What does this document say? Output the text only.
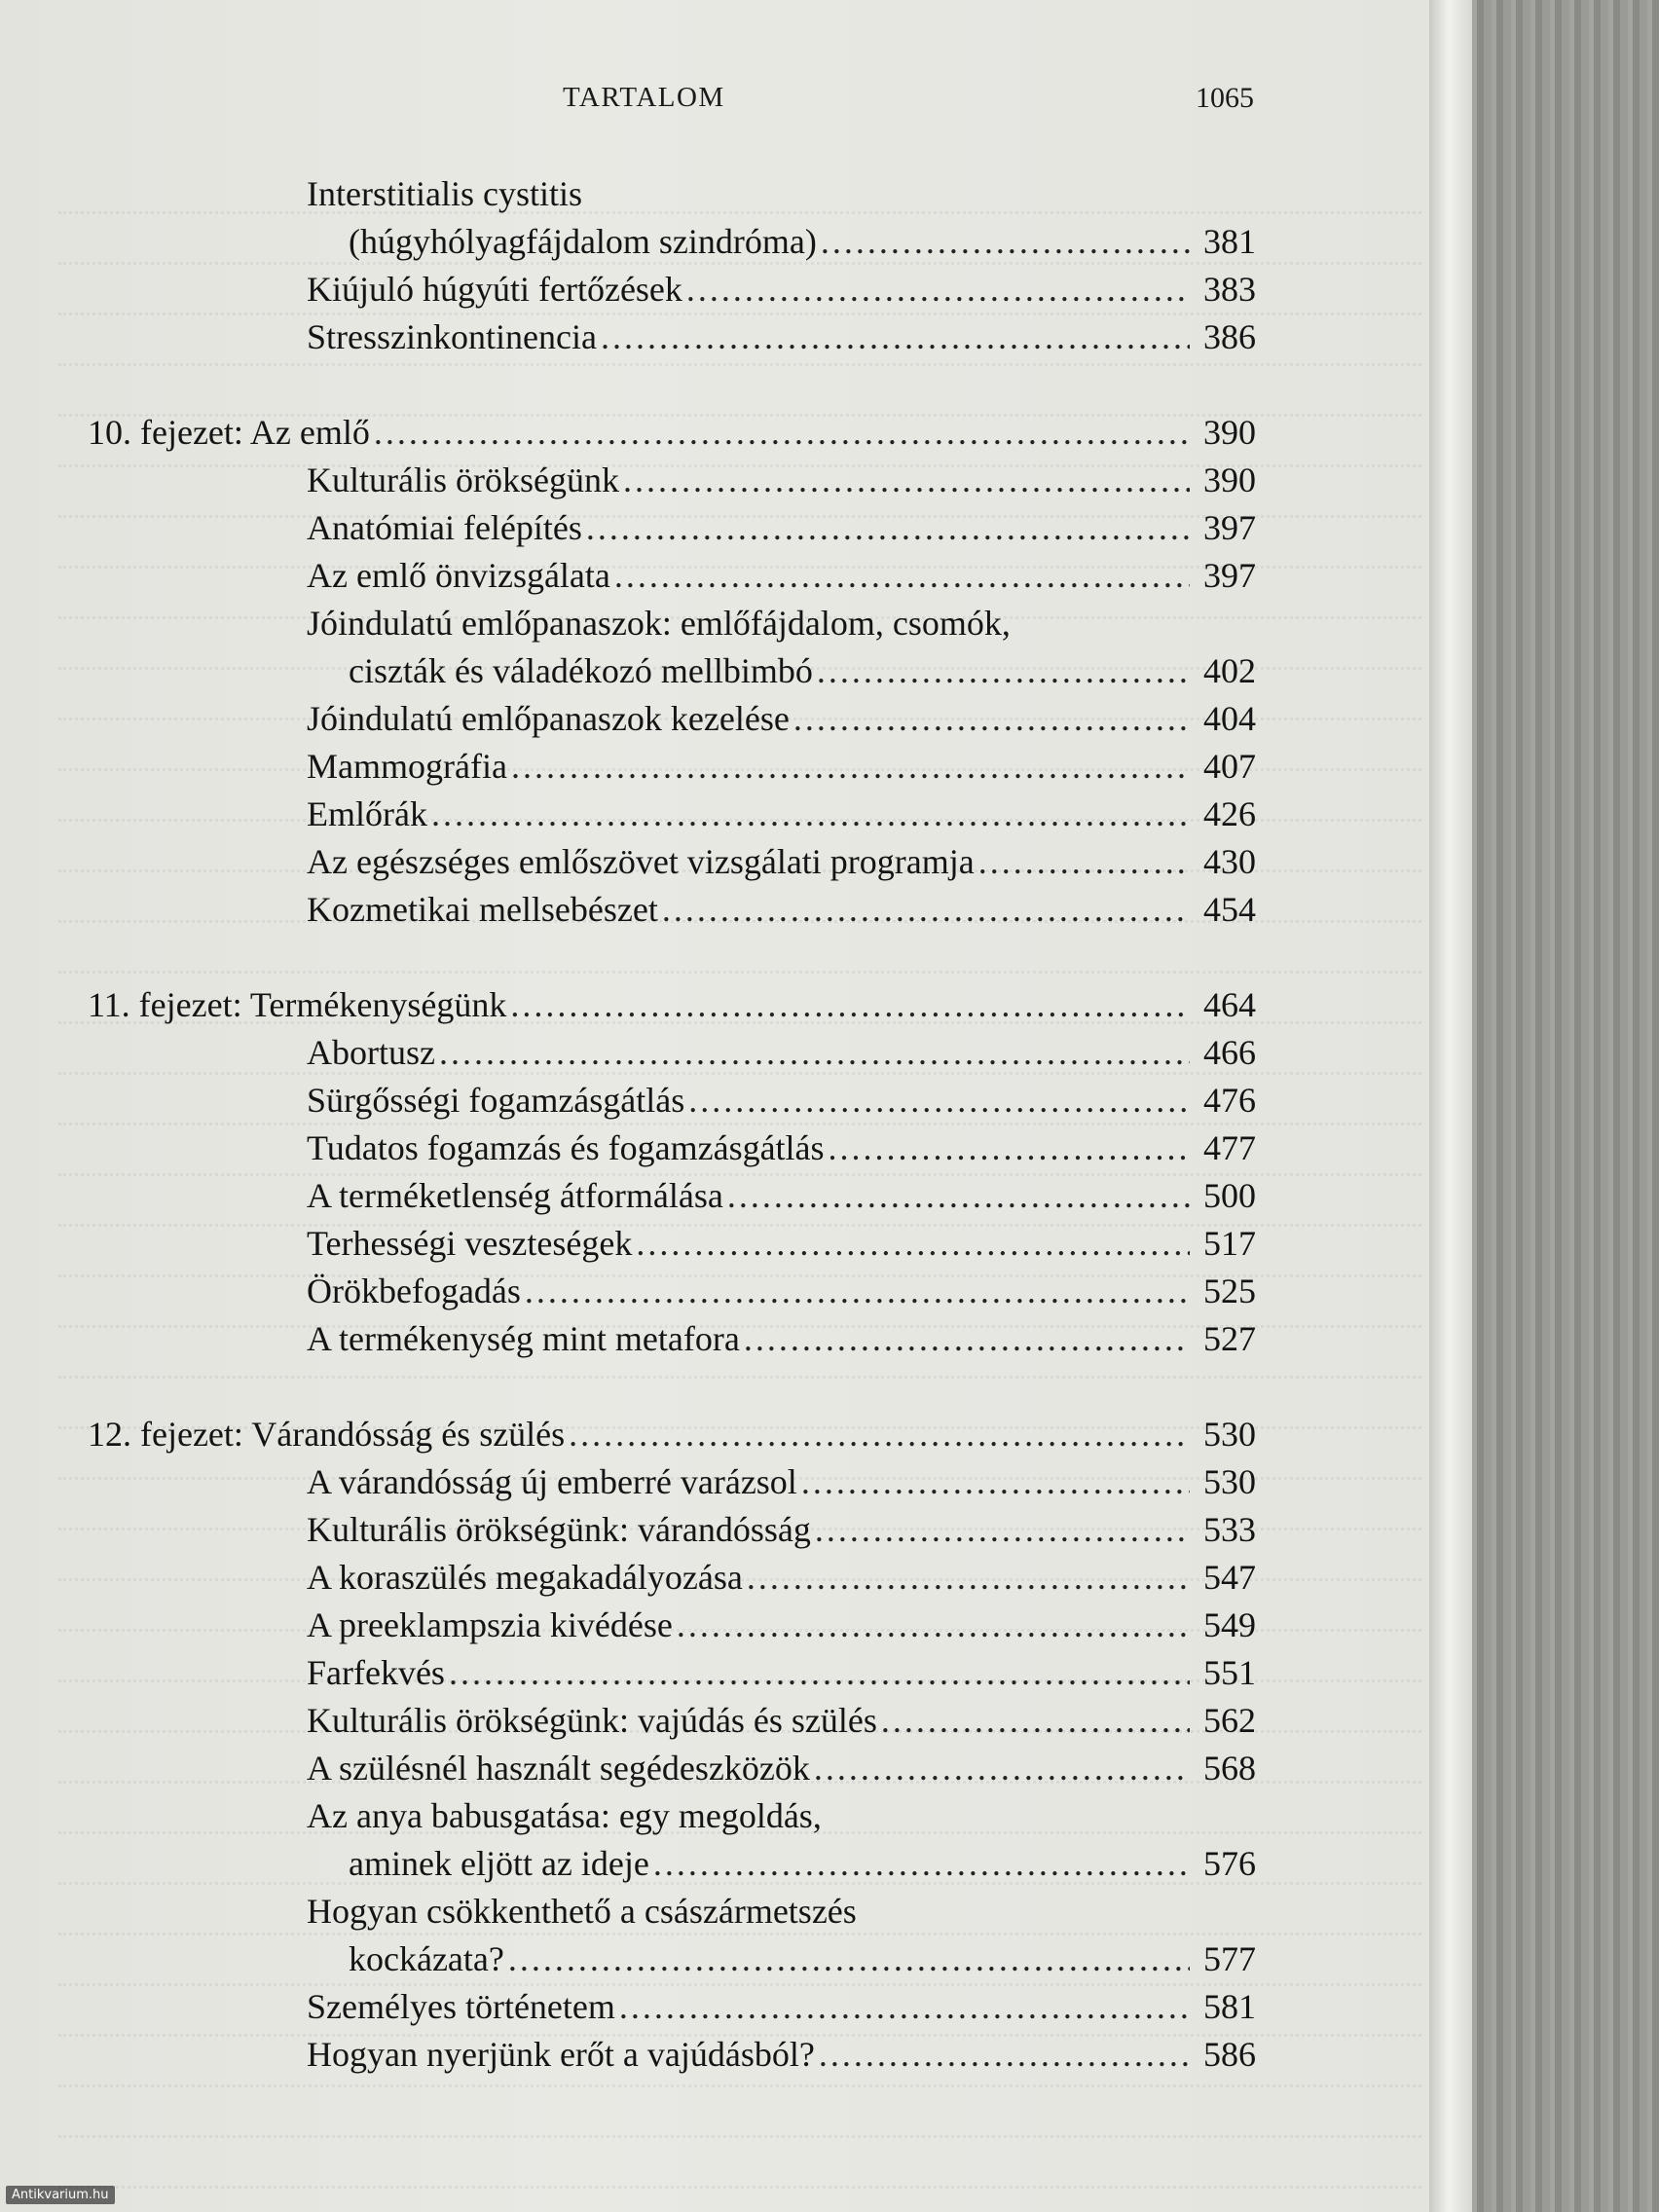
TARTALOM	1065
Interstitialis cystitis
(húgyhólyagfájdalom szindróma) .....	381
Kiújuló húgyúti fertőzések .....	383
Stresszinkontinencia .....	386
10. fejezet: Az emlő .....	390
Kulturális örökségünk .....	390
Anatómiai felépítés .....	397
Az emlő önvizsgálata .....	397
Jóindulatú emlőpanaszok: emlőfájdalom, csomók,
ciszták és váladékozó mellbimbó .....	402
Jóindulatú emlőpanaszok kezelése .....	404
Mammográfia .....	407
Emlőrák .....	426
Az egészséges emlőszövet vizsgálati programja .....	430
Kozmetikai mellsebészet .....	454
11. fejezet: Termékenységünk .....	464
Abortusz .....	466
Sürgősségi fogamzásgátlás .....	476
Tudatos fogamzás és fogamzásgátlás .....	477
A terméketlenség átformálása .....	500
Terhességi veszteségek .....	517
Örökbefogadás .....	525
A termékenység mint metafora .....	527
12. fejezet: Várandósság és szülés .....	530
A várandósság új emberré varázsol .....	530
Kulturális örökségünk: várandósság .....	533
A koraszülés megakadályozása .....	547
A preeklampszia kivédése .....	549
Farfekvés .....	551
Kulturális örökségünk: vajúdás és szülés .....	562
A szülésnél használt segédeszközök .....	568
Az anya babusgatása: egy megoldás,
aminek eljött az ideje .....	576
Hogyan csökkenthető a császármetszés
kockázata? .....	577
Személyes történetem .....	581
Hogyan nyerjünk erőt a vajúdásból? .....	586
Antikvarium.hu
